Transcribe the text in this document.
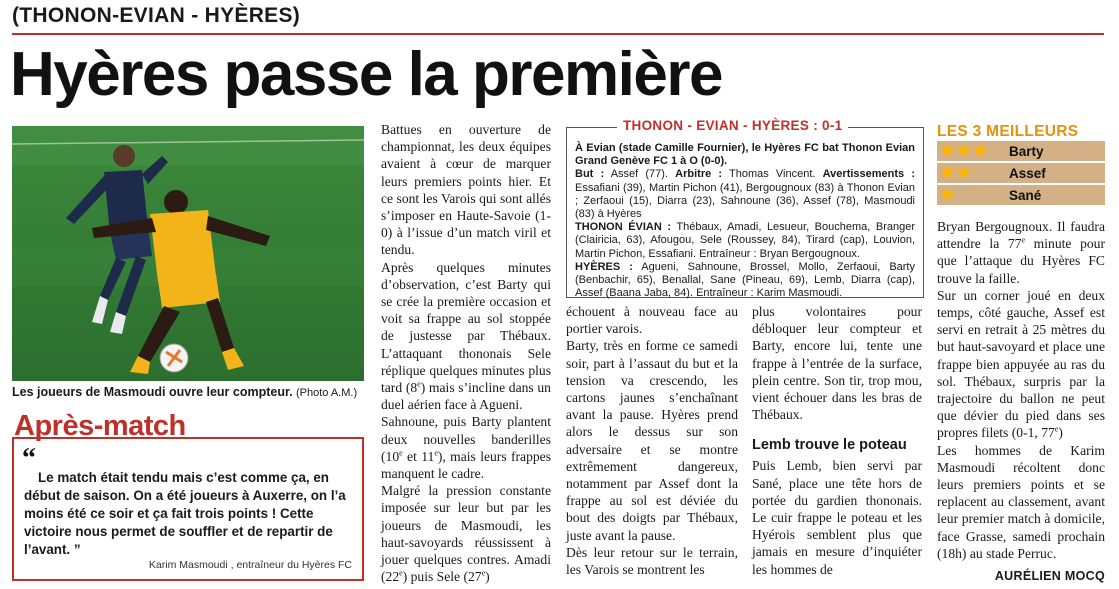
(THONON-EVIAN - HYÈRES)
Hyères passe la première
Les joueurs de Masmoudi ouvre leur compteur. (Photo A.M.)
Après-match
“
Le match était tendu mais c’est comme ça, en début de saison. On a été joueurs à Auxerre, on l’a moins été ce soir et ça fait trois points ! Cette victoire nous permet de souffler et de repartir de l’avant. ”
Karim Masmoudi , entraîneur du Hyères FC

Battues en ouverture de championnat, les deux équipes avaient à cœur de marquer leurs premiers points hier. Et ce sont les Varois qui sont allés s’imposer en Haute-Savoie (1-0) à l’issue d’un match viril et tendu.

Après quelques minutes d’observation, c’est Barty qui se crée la première occasion et voit sa frappe au sol stoppée de justesse par Thébaux. L’attaquant thononais Sele réplique quelques minutes plus tard (8e) mais s’incline dans un duel aérien face à Agueni.

Sahnoune, puis Barty plantent deux nouvelles banderilles (10e et 11e), mais leurs frappes manquent le cadre.

Malgré la pression constante imposée sur leur but par les joueurs de Masmoudi, les haut-savoyards réussissent à jouer quelques contres. Amadi (22e) puis Sele (27e)

THONON - EVIAN - HYÈRES : 0-1

À Evian (stade Camille Fournier), le Hyères FC bat Thonon Evian Grand Genève FC 1 à O (0-0).

But : Assef (77). Arbitre : Thomas Vincent. Avertissements : Essafiani (39), Martin Pichon (41), Bergougnoux (83) à Thonon Evian ; Zerfaoui (15), Diarra (23), Sahnoune (36), Assef (78), Masmoudi (83) à Hyères

THONON ÉVIAN : Thébaux, Amadi, Lesueur, Bouchema, Branger (Clairicia, 63), Afougou, Sele (Roussey, 84), Tirard (cap), Louvion, Martin Pichon, Essafiani. Entraîneur : Bryan Bergougnoux.

HYÈRES : Agueni, Sahnoune, Brossel, Mollo, Zerfaoui, Barty (Benbachir, 65), Benallal, Sane (Pineau, 69), Lemb, Diarra (cap), Assef (Baana Jaba, 84). Entraîneur : Karim Masmoudi.

LES 3 MEILLEURS
★★★	Barty
★★	Assef
★	Sané

échouent à nouveau face au portier varois.

Barty, très en forme ce samedi soir, part à l’assaut du but et la tension va crescendo, les cartons jaunes s’enchaînant avant la pause. Hyères prend alors le dessus sur son adversaire et se montre extrêmement dangereux, notamment par Assef dont la frappe au sol est déviée du bout des doigts par Thébaux, juste avant la pause.

Dès leur retour sur le terrain, les Varois se montrent les

plus volontaires pour débloquer leur compteur et Barty, encore lui, tente une frappe à l’entrée de la surface, plein centre. Son tir, trop mou, vient échouer dans les bras de Thébaux.

Lemb trouve le poteau

Puis Lemb, bien servi par Sané, place une tête hors de portée du gardien thononais. Le cuir frappe le poteau et les Hyérois semblent plus que jamais en mesure d’inquiéter les hommes de

Bryan Bergougnoux. Il faudra attendre la 77e minute pour que l’attaque du Hyères FC trouve la faille.

Sur un corner joué en deux temps, côté gauche, Assef est servi en retrait à 25 mètres du but haut-savoyard et place une frappe bien appuyée au ras du sol. Thébaux, surpris par la trajectoire du ballon ne peut que dévier du pied dans ses propres filets (0-1, 77e)

Les hommes de Karim Masmoudi récoltent donc leurs premiers points et se replacent au classement, avant leur premier match à domicile, face Grasse, samedi prochain (18h) au stade Perruc.

AURÉLIEN MOCQ
